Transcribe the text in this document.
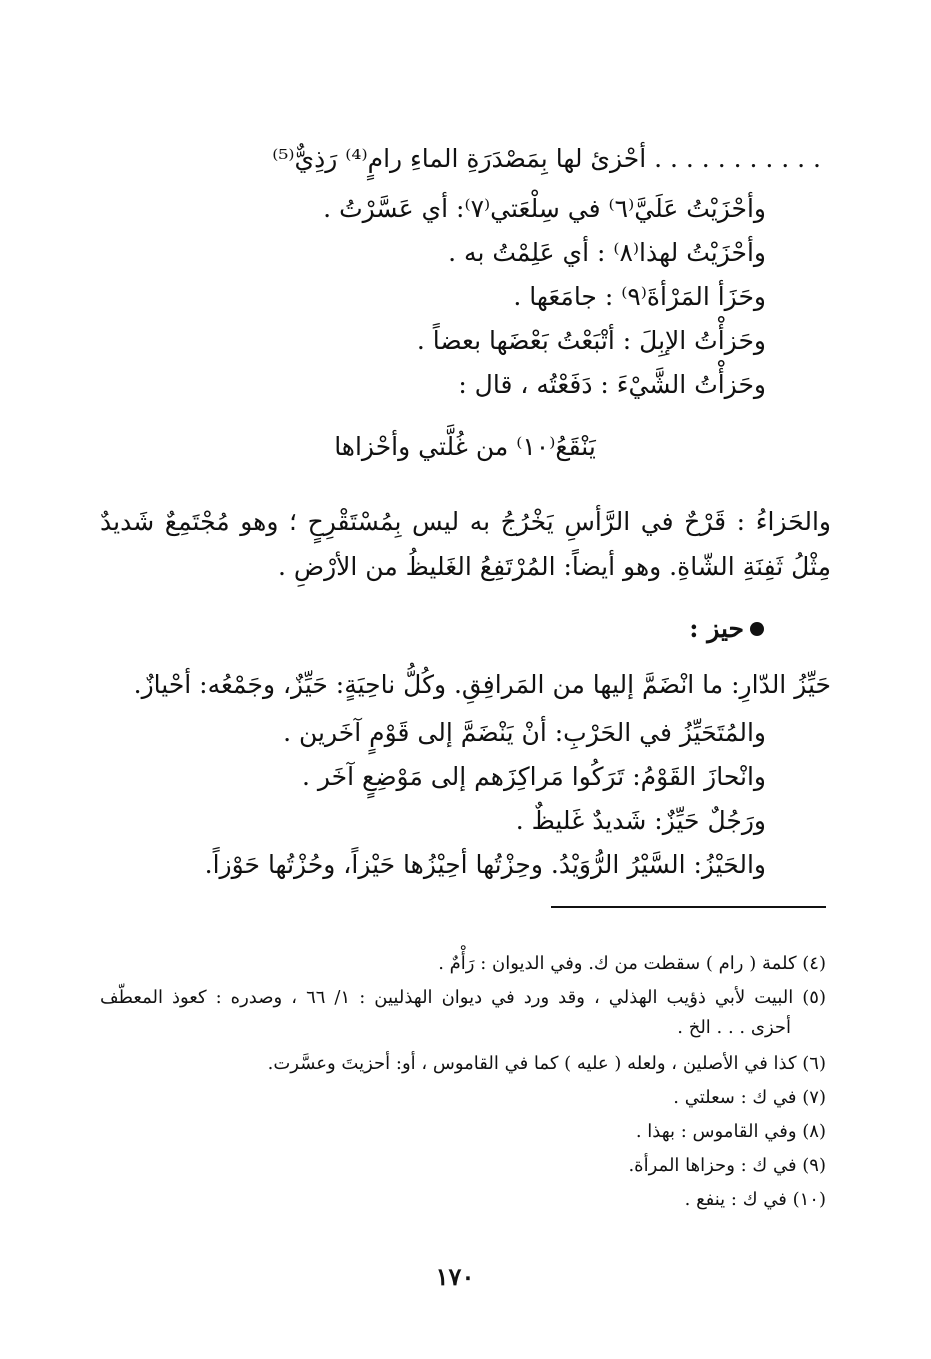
. . . . . . . . . . . أحْزئ لها بِمَصْدَرَةِ الماءِ رامٍ⁽⁴⁾ رَذِيٌّ⁽⁵⁾
وأحْزَيْتُ عَلَيَّ⁽٦⁾ في سِلْعَتي⁽٧⁾: أي عَسَّرْتُ .
وأحْزَيْتُ لهذا⁽٨⁾ : أي عَلِمْتُ به .
وحَزَأ المَرْأةَ⁽٩⁾ : جامَعَها .
وحَزأْتُ الإبِلَ : أتْبَعْتُ بَعْضَها بعضاً .
وحَزأْتُ الشَّيْءَ : دَفَعْتُه ، قال :
يَنْقَعُ⁽١٠⁾ من غُلَّتي وأحْزاها
والحَزاءُ : قَرْحٌ في الرَّأسِ يَخْرُجُ به ليس بِمُسْتَقْرِحٍ ؛ وهو مُجْتَمِعٌ شَديدٌ
مِثْلُ ثَفِنَةِ الشّاةِ. وهو أيضاً: المُرْتَفِعُ الغَليظُ من الأرْضِ .
حيز :
حَيِّزُ الدّارِ: ما انْضَمَّ إليها من المَرافِقِ. وكُلُّ ناحِيَةٍ: حَيِّزٌ، وجَمْعُه: أحْيازٌ.
والمُتَحَيِّزُ في الحَرْبِ: أنْ يَنْضَمَّ إلى قَوْمٍ آخَرين .
وانْحازَ القَوْمُ: تَرَكُوا مَراكِزَهم إلى مَوْضِعٍ آخَر .
ورَجُلٌ حَيِّزٌ: شَديدٌ غَليظٌ .
والحَيْزُ: السَّيْرُ الرُّوَيْدُ. وحِزْتُها أحِيْزُها حَيْزاً، وحُزْتُها حَوْزاً.
(٤) كلمة ( رام ) سقطت من ك. وفي الديوان : رَأْمٌ .
(٥) البيت لأبي ذؤيب الهذلي ، وقد ورد في ديوان الهذليين : ١/ ٦٦ ، وصدره : كعوذ المعطّف
أحزى . . . الخ .
(٦) كذا في الأصلين ، ولعله ( عليه ) كما في القاموس ، أو: أحزيتَ وعسَّرت.
(٧) في ك : سعلتي .
(٨) وفي القاموس : بهذا .
(٩) في ك : وحزاها المرأة.
(١٠) في ك : ينفع .
١٧٠
